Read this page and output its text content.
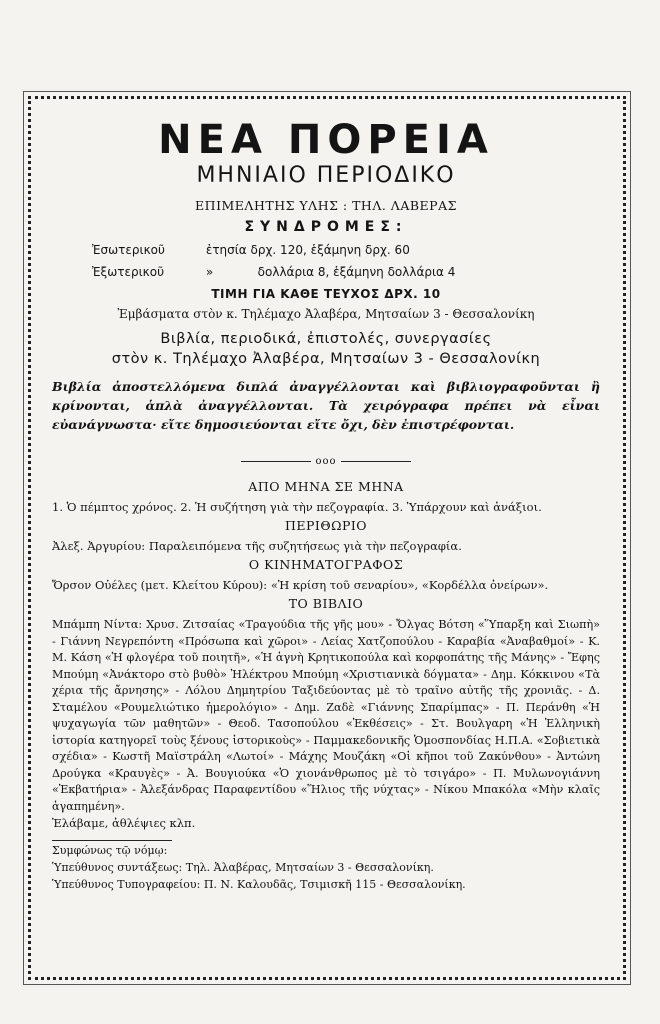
ΝΕΑ ΠΟΡΕΙΑ
ΜΗΝΙΑΙΟ ΠΕΡΙΟΔΙΚΟ
ΕΠΙΜΕΛΗΤΗΣ ΥΛΗΣ : ΤΗΛ. ΛΑΒΕΡΑΣ
ΣΥΝΔΡΟΜΕΣ:
Ἐσωτερικοῦ	ἐτησία δρχ. 120, ἑξάμηνη δρχ. 60
Ἐξωτερικοῦ	»	δολλάρια 8, ἑξάμηνη δολλάρια 4
ΤΙΜΗ ΓΙΑ ΚΑΘΕ ΤΕΥΧΟΣ ΔΡΧ. 10
Ἐμβάσματα στὸν κ. Τηλέμαχο Ἀλαβέρα, Μητσαίων 3 - Θεσσαλονίκη
Βιβλία, περιοδικά, ἐπιστολές, συνεργασίες
στὸν κ. Τηλέμαχο Ἀλαβέρα, Μητσαίων 3 - Θεσσαλονίκη
Βιβλία ἀποστελλόμενα διπλά ἀναγγέλλονται καὶ βιβλιογραφοῦνται ἢ κρίνονται, ἁπλὰ ἀναγγέλλονται. Τὰ χειρόγραφα πρέπει νὰ εἶναι εὐανάγνωστα· εἴτε δημοσιεύονται εἴτε ὄχι, δὲν ἐπιστρέφονται.
ooo
ΑΠΟ ΜΗΝΑ ΣΕ ΜΗΝΑ
1. Ὁ πέμπτος χρόνος. 2. Ἡ συζήτηση γιὰ τὴν πεζογραφία. 3. Ὑπάρχουν καὶ ἀνάξιοι.
ΠΕΡΙΘΩΡΙΟ
Ἀλεξ. Ἀργυρίου: Παραλειπόμενα τῆς συζητήσεως γιὰ τὴν πεζογραφία.
Ο ΚΙΝΗΜΑΤΟΓΡΑΦΟΣ
Ὄρσον Οὐέλες (μετ. Κλείτου Κύρου): «Ἡ κρίση τοῦ σεναρίου», «Κορδέλλα ὀνείρων».
ΤΟ ΒΙΒΛΙΟ
Μπάμπη Νίντα: Χρυσ. Ζιτσαίας «Τραγούδια τῆς γῆς μου» - Ὄλγας Βότση «Ὕπαρξη καὶ Σιωπὴ» - Γιάννη Νεγρεπόντη «Πρόσωπα καὶ χῶροι» - Λείας Χατζοπούλου - Καραβία «Ἀναβαθμοί» - Κ. Μ. Κάση «Ἡ φλογέρα τοῦ ποιητῆ», «Ἡ ἁγνὴ Κρητικοπούλα καὶ κορφοπάτης τῆς Μάνης» - Ἔφης Μπούμη «Ἀνάκτορο στὸ βυθὸ» Ἠλέκτρου Μπούμη «Χριστιανικὰ δόγματα» - Δημ. Κόκκινου «Τὰ χέρια τῆς ἄρνησης» - Λόλου Δημητρίου Ταξιδεύοντας μὲ τὸ τραῖνο αὐτῆς τῆς χρονιᾶς. - Δ. Σταμέλου «Ρουμελιώτικο ἡμερολόγιο» - Δημ. Ζαδὲ «Γιάννης Σπαρίμπας» - Π. Περάνθη «Ἡ ψυχαγωγία τῶν μαθητῶν» - Θεοδ. Τασοπούλου «Ἐκθέσεις» - Στ. Βουλγαρη «Ἡ Ἑλληνικὴ ἱστορία κατηγορεῖ τοὺς ξένους ἱστορικοὺς» - Παμμακεδονικῆς Ὁμοσπονδίας Η.Π.Α. «Σοβιετικὰ σχέδια» - Κωστῆ Μαϊστράλη «Λωτοί» - Μάχης Μουζάκη «Οἱ κῆποι τοῦ Ζακύνθου» - Ἀντώνη Δρούγκα «Κραυγὲς» - Ἀ. Βουγιούκα «Ὁ χιονάνθρωπος μὲ τὸ τσιγάρο» - Π. Μυλωνογιάννη «Ἐκβατήρια» - Ἀλεξάνδρας Παραφεντίδου «Ἥλιος τῆς νύχτας» - Νίκου Μπακόλα «Μὴν κλαῖς ἀγαπημένη».
Ἐλάβαμε, ἀθλέψιες κλπ.
Συμφώνως τῷ νόμῳ:
Ὑπεύθυνος συντάξεως: Τηλ. Ἀλαβέρας, Μητσαίων 3 - Θεσσαλονίκη.
Ὑπεύθυνος Τυπογραφείου: Π. Ν. Καλουδᾶς, Τσιμισκῆ 115 - Θεσσαλονίκη.
